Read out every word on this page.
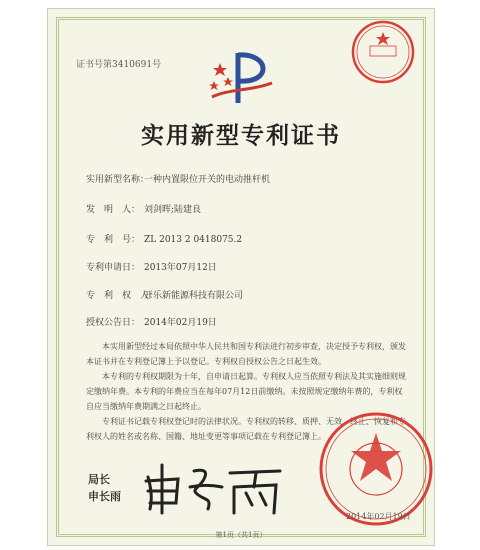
证书号第3410691号
实用新型专利证书
实用新型名称：一种内置限位开关的电动推杆机
发　明　人： 刘剑晖;陆建良
专　利　号： ZL 2013 2 0418075.2
专利申请日： 2013年07月12日
专　利　权　人：开乐新能源科技有限公司
授权公告日： 2014年02月19日

本实用新型经过本局依照中华人民共和国专利法进行初步审查，决定授予专利权，颁发本证书并在专利登记簿上予以登记。专利权自授权公告之日起生效。

本专利的专利权期限为十年，自申请日起算。专利权人应当依照专利法及其实施细则规定缴纳年费。本专利的年费应当在每年07月12日前缴纳。未按照规定缴纳年费的，专利权自应当缴纳年费期满之日起终止。

专利证书记载专利权登记时的法律状况。专利权的转移、质押、无效、终止、恢复和专利权人的姓名或名称、国籍、地址变更等事项记载在专利登记簿上。

局长
申长雨
2014年02月19日
第1页（共1页）
